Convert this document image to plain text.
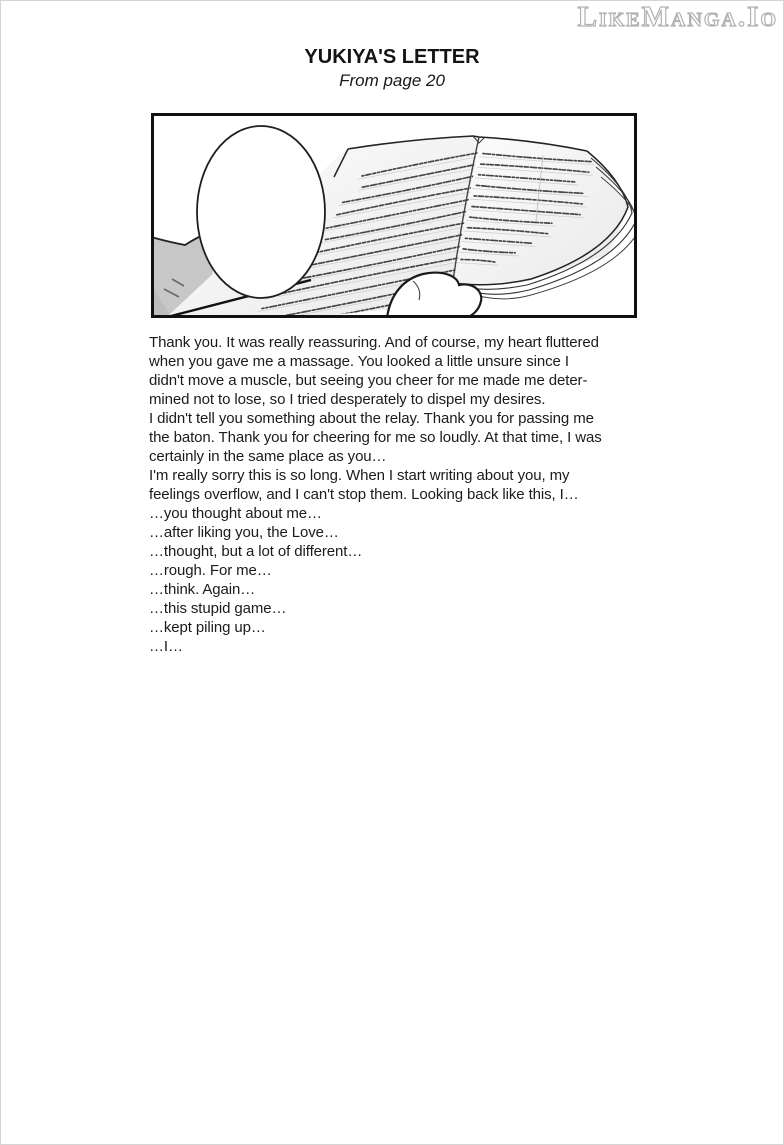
LikeManga.Io
YUKIYA'S LETTER
From page 20
Thank you. It was really reassuring. And of course, my heart fluttered
when you gave me a massage. You looked a little unsure since I
didn't move a muscle, but seeing you cheer for me made me deter-
mined not to lose, so I tried desperately to dispel my desires.
I didn't tell you something about the relay. Thank you for passing me
the baton. Thank you for cheering for me so loudly. At that time, I was
certainly in the same place as you…
I'm really sorry this is so long. When I start writing about you, my
feelings overflow, and I can't stop them. Looking back like this, I…
…you thought about me…
…after liking you, the Love…
…thought, but a lot of different…
…rough. For me…
…think. Again…
…this stupid game…
…kept piling up…
…I…
